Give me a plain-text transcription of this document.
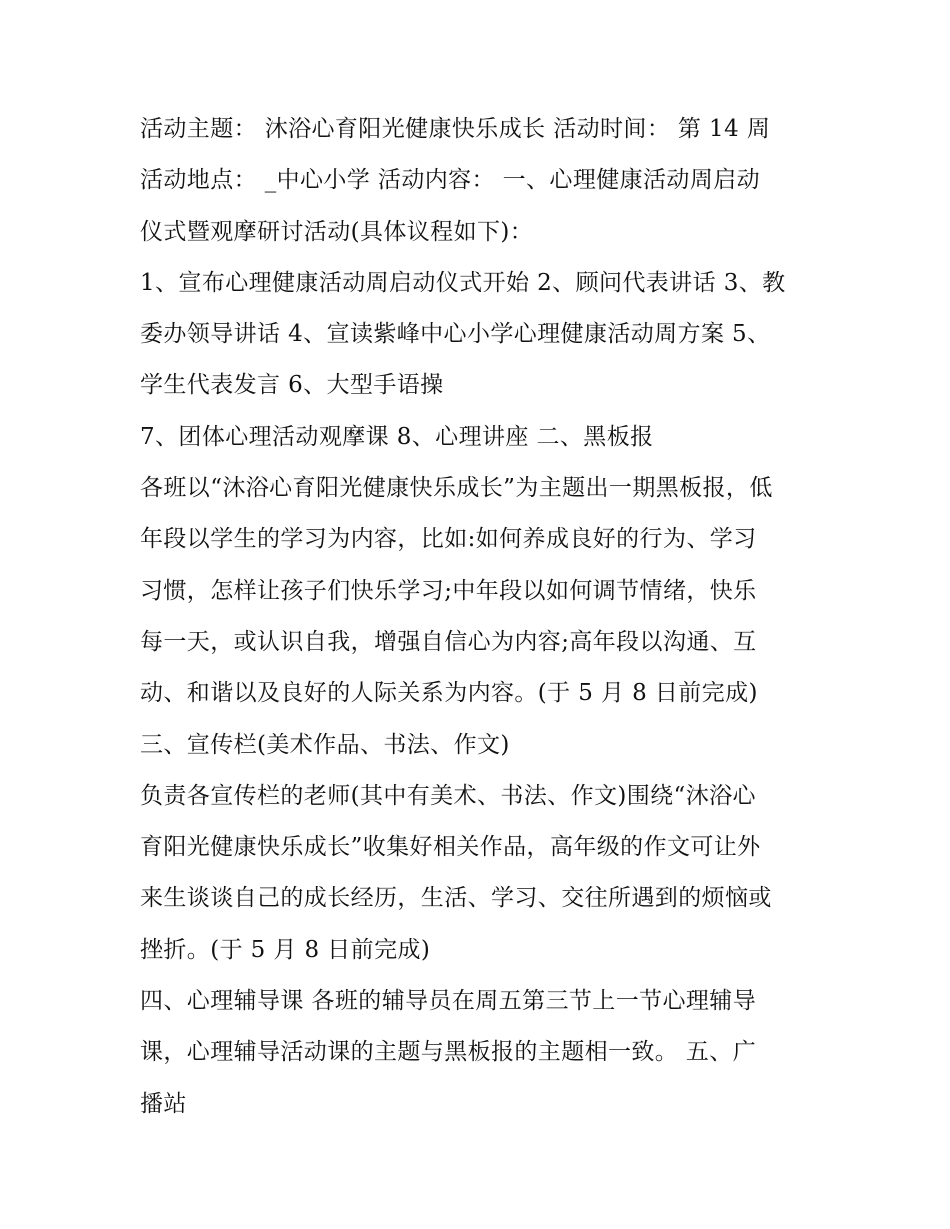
活动主题： 沐浴心育阳光健康快乐成长 活动时间： 第 14 周
活动地点： _中心小学 活动内容： 一、心理健康活动周启动
仪式暨观摩研讨活动(具体议程如下)：
1、宣布心理健康活动周启动仪式开始 2、顾问代表讲话 3、教
委办领导讲话 4、宣读紫峰中心小学心理健康活动周方案 5、
学生代表发言 6、大型手语操
7、团体心理活动观摩课 8、心理讲座 二、黑板报
各班以“沐浴心育阳光健康快乐成长”为主题出一期黑板报，低
年段以学生的学习为内容，比如:如何养成良好的行为、学习
习惯，怎样让孩子们快乐学习;中年段以如何调节情绪，快乐
每一天，或认识自我，增强自信心为内容;高年段以沟通、互
动、和谐以及良好的人际关系为内容。(于 5 月 8 日前完成)
三、宣传栏(美术作品、书法、作文)
负责各宣传栏的老师(其中有美术、书法、作文)围绕“沐浴心
育阳光健康快乐成长”收集好相关作品，高年级的作文可让外
来生谈谈自己的成长经历，生活、学习、交往所遇到的烦恼或
挫折。(于 5 月 8 日前完成)
四、心理辅导课 各班的辅导员在周五第三节上一节心理辅导
课，心理辅导活动课的主题与黑板报的主题相一致。 五、广
播站
